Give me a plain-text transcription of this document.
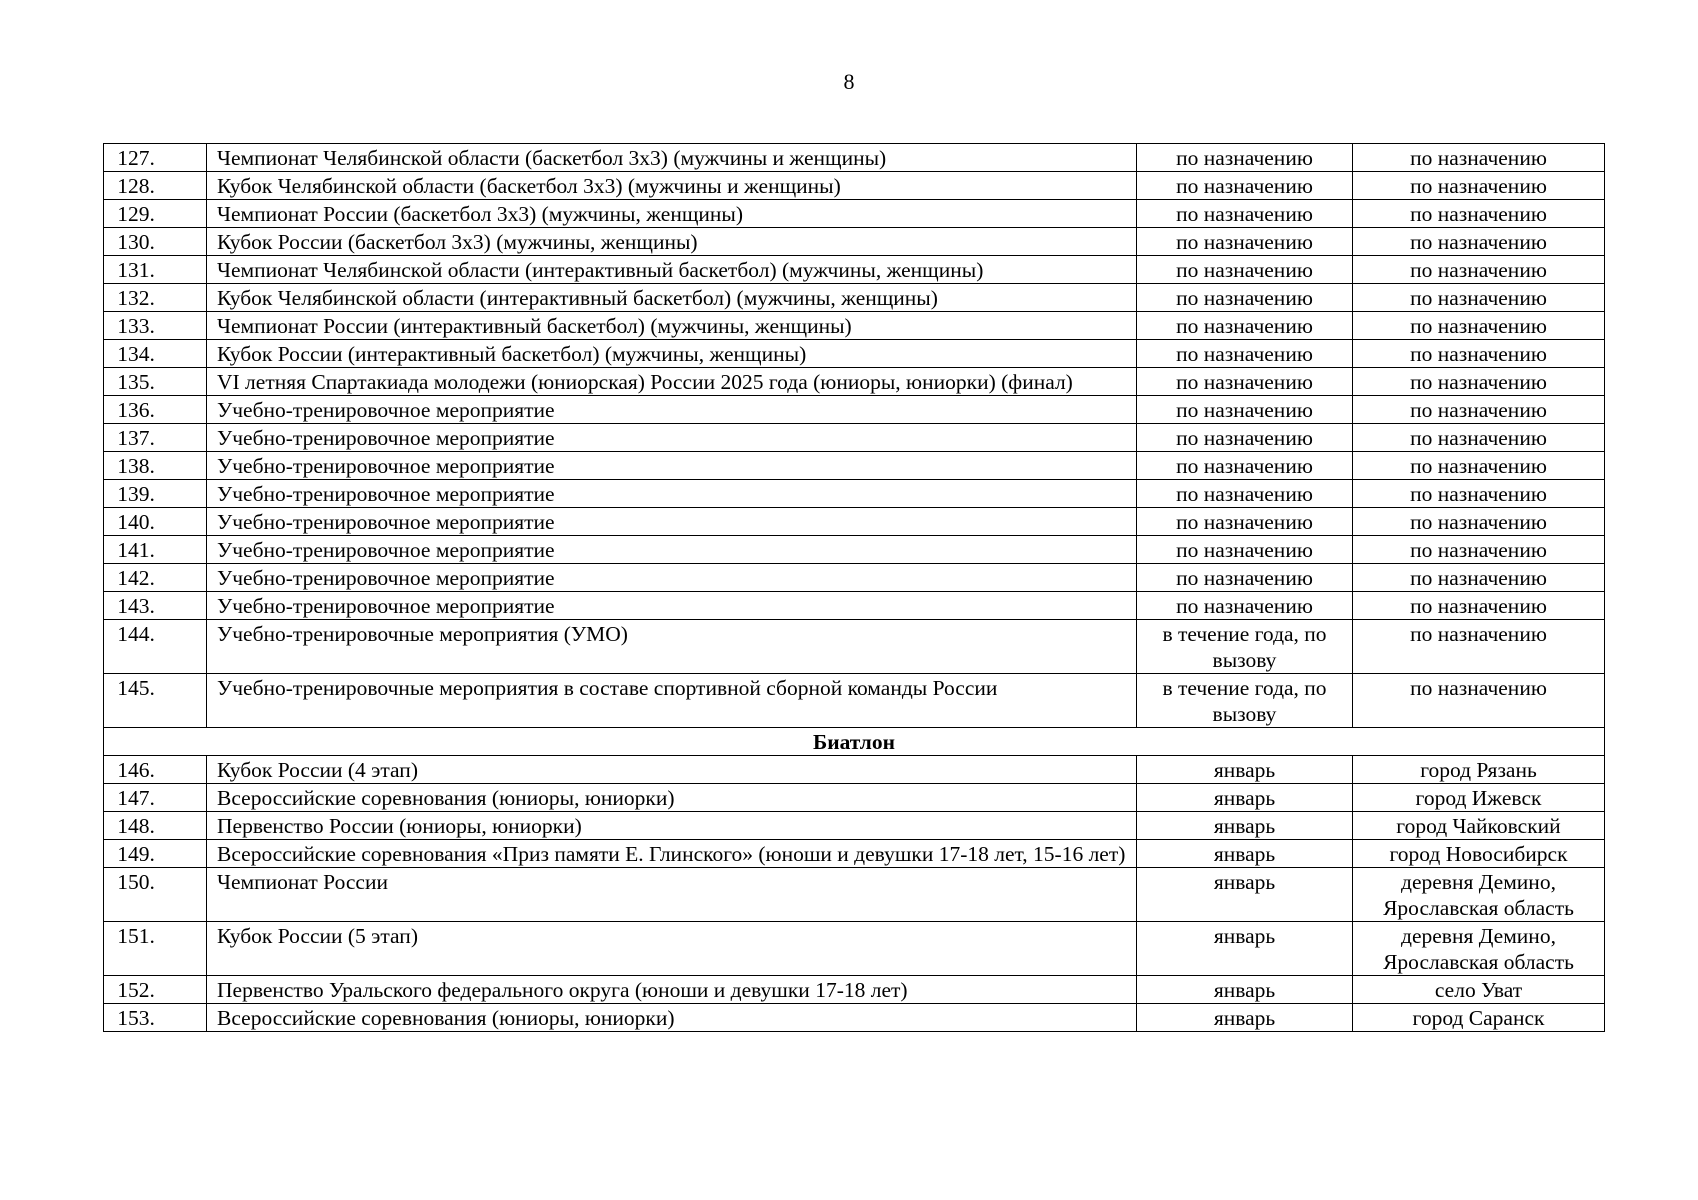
8
127.	Чемпионат Челябинской области (баскетбол 3х3) (мужчины и женщины)	по назначению	по назначению
128.	Кубок Челябинской области (баскетбол 3х3) (мужчины и женщины)	по назначению	по назначению
129.	Чемпионат России (баскетбол 3х3) (мужчины, женщины)	по назначению	по назначению
130.	Кубок России (баскетбол 3х3) (мужчины, женщины)	по назначению	по назначению
131.	Чемпионат Челябинской области (интерактивный баскетбол) (мужчины, женщины)	по назначению	по назначению
132.	Кубок Челябинской области (интерактивный баскетбол) (мужчины, женщины)	по назначению	по назначению
133.	Чемпионат России (интерактивный баскетбол) (мужчины, женщины)	по назначению	по назначению
134.	Кубок России (интерактивный баскетбол) (мужчины, женщины)	по назначению	по назначению
135.	VI летняя Спартакиада молодежи (юниорская) России 2025 года (юниоры, юниорки) (финал)	по назначению	по назначению
136.	Учебно-тренировочное мероприятие	по назначению	по назначению
137.	Учебно-тренировочное мероприятие	по назначению	по назначению
138.	Учебно-тренировочное мероприятие	по назначению	по назначению
139.	Учебно-тренировочное мероприятие	по назначению	по назначению
140.	Учебно-тренировочное мероприятие	по назначению	по назначению
141.	Учебно-тренировочное мероприятие	по назначению	по назначению
142.	Учебно-тренировочное мероприятие	по назначению	по назначению
143.	Учебно-тренировочное мероприятие	по назначению	по назначению
144.	Учебно-тренировочные мероприятия (УМО)	в течение года, по вызову	по назначению
145.	Учебно-тренировочные мероприятия в составе спортивной сборной команды России	в течение года, по вызову	по назначению
Биатлон			
146.	Кубок России (4 этап)	январь	город Рязань
147.	Всероссийские соревнования (юниоры, юниорки)	январь	город Ижевск
148.	Первенство России (юниоры, юниорки)	январь	город Чайковский
149.	Всероссийские соревнования «Приз памяти Е. Глинского» (юноши и девушки 17-18 лет, 15-16 лет)	январь	город Новосибирск
150.	Чемпионат России	январь	деревня Демино, Ярославская область
151.	Кубок России (5 этап)	январь	деревня Демино, Ярославская область
152.	Первенство Уральского федерального округа (юноши и девушки 17-18 лет)	январь	село Уват
153.	Всероссийские соревнования (юниоры, юниорки)	январь	город Саранск
